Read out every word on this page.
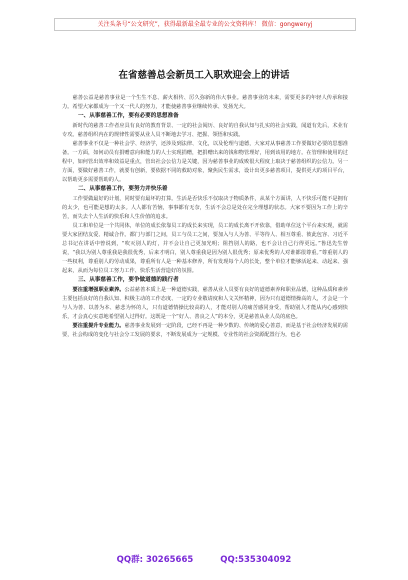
关注头条号“公文研究”，获得最新最全最专业的公文资料库！ 微信：gongwenyj
在省慈善总会新员工入职欢迎会上的讲话

慈善公益是慈善事业是一个生生不息、薪火相传、厉久弥新的伟大事业。慈善事业的未来，需要更多的年轻人传承和接力。希望大家都成为一个又一代人的努力，才能使慈善事业继续传承、发扬光大。

一、从事慈善工作，要有必要的思想准备

新时代的慈善工作者应具有良好的教育背景、一定的社会阅历、良好的自我认知与扎实的社会实践，闻道有先后，术业有专攻。慈善组织内在的规律性需要从业人员不断地去学习、把握、领悟和实践。

慈善事业不仅是一种社会学、经济学，还涉及到法律、文化，以及伦理与道德，大家对从事慈善工作要做好必要的思想准备。一方面，如何动员有捐赠意向和能力的人士实现捐赠，把捐赠出来的钱和物管理好，用到该用的地方。在管理和使用的过程中，如何管出效率和效益是重点，管出社会公信力是关键，因为慈善事业的成败很大程度上取决于慈善组织的公信力。另一方面，要做好慈善工作，就要有创新，要依据不同的救助对象，聚焦民生需求，设计出更多慈善项目，提供更大的项目平台，以帮助更多需要帮助的人。

二、从事慈善工作，要努力并快乐着

工作要做最好的计划，同时要有最坏的打算。生活是否快乐不仅取决于物质条件，从某个方面讲，人不快乐可能不是拥有的太少，也可能是想的太多。人人都有苦恼，事事都有无奈，生活不会总是处在完全理想的状态。大家不要因为工作上的辛苦，而失去个人生活的快乐和人生价值的追求。

员工和单位是一个共同体，单位的成长依靠员工的成长来实现，员工的成长离不开依靠，借助单位这个平台来实现，就需要大家团结友爱、精诚合作。都门与部门之间，员工与员工之间，要加入与人为善、平等待人、相互尊重、彼此包容、习近平总书记在讲话中曾说到，“吹灭别人的灯，并不会让自己更加光明；阻挡别人的路，也不会让自己行得更远。”鲁迅先生曾说，“我以为别人尊重我是我很优秀，后来才明白，别人尊重我是因为别人很优秀；原来优秀的人对谁都很尊重。”尊重别人的一些权利，尊重别人的劳动成果，尊重所有人是一种基本修养，所有发现每个人的长处，整个单位才能够活起来、动起来、强起来，从而为每位员工努力工作、快乐生活营造好的氛围。

三、从事慈善工作，要争做道德的践行者

要注重增强职业素养。公益慈善本质上是一种道德实践，慈善从业人员要有良好的道德素养和职业品德，这种品质和素养主要包括良好的自我认知、积极主动的工作态度、一定的专业敬请度和人文关怀精神，因为只有道德情操高的人，才会是一个与人为善、以善为本、慈悲为怀的人，只有道德情操比较高的人，才能对别人的痛苦感同身受，帮助别人才能从内心感到快乐，才会真心实意地希望别人过得好。这既是一个“好人、善良之人”的本分，更是慈善从业人员的底色。

要注重提升专业能力。慈善事业发展到一定阶段，已经不再是一种少数的、传统的爱心善意，而是基于社会经济发展的需要，社会构成的变化与社会分工发展的要求，不断发展成为一定规模、专业性的社会资源配置行为，也必

QQ群: 30265665	QQ:535304092
